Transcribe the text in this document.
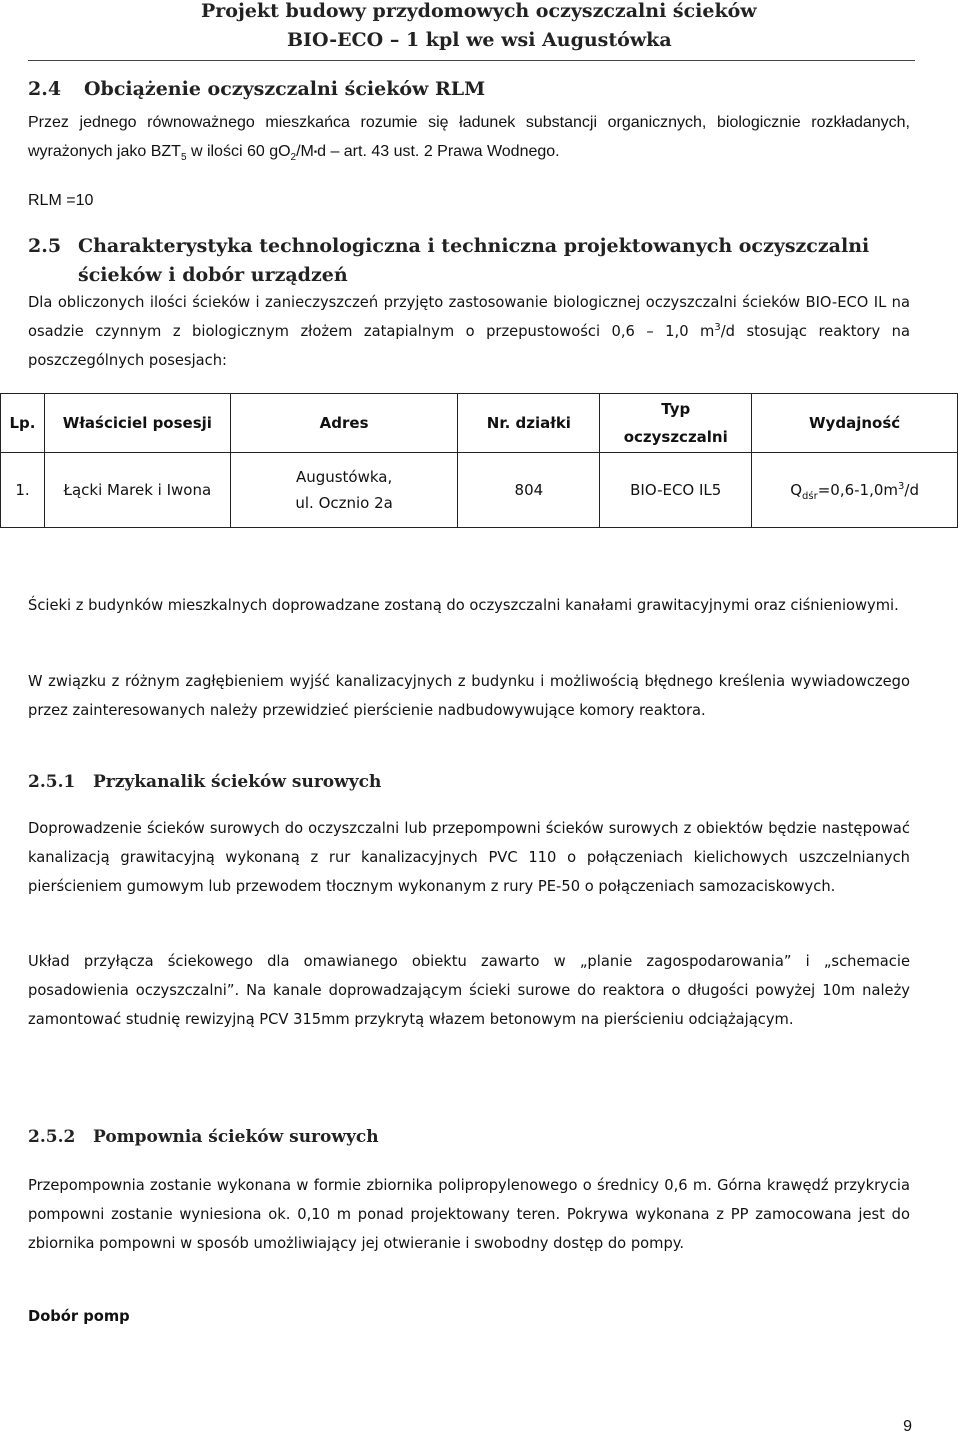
Projekt budowy przydomowych oczyszczalni ścieków
BIO-ECO – 1 kpl we wsi Augustówka
2.4 Obciążenie oczyszczalni ścieków RLM
Przez jednego równoważnego mieszkańca rozumie się ładunek substancji organicznych, biologicznie rozkładanych, wyrażonych jako $BZT_5$ w ilości 60 $gO_2/M▪d$ – art. 43 ust. 2 Prawa Wodnego.
RLM =10
2.5 Charakterystyka technologiczna i techniczna projektowanych oczyszczalni
ścieków i dobór urządzeń
Dla obliczonych ilości ścieków i zanieczyszczeń przyjęto zastosowanie biologicznej oczyszczalni ścieków BIO-ECO IL na osadzie czynnym z biologicznym złożem zatapialnym o przepustowości 0,6 – 1,0 $m^3/d$ stosując reaktory na poszczególnych posesjach:
Lp.	Właściciel posesji	Adres	Nr. działki	Typ
oczyszczalni	Wydajność
1.	Łącki Marek i Iwona	Augustówka,
ul. Ocznio 2a	804	BIO-ECO IL5	$Q_{dśr}=0,6-1,0m^3/d$
Ścieki z budynków mieszkalnych doprowadzane zostaną do oczyszczalni kanałami grawitacyjnymi oraz ciśnieniowymi.
W związku z różnym zagłębieniem wyjść kanalizacyjnych z budynku i możliwością błędnego kreślenia wywiadowczego przez zainteresowanych należy przewidzieć pierścienie nadbudowywujące komory reaktora.
2.5.1 Przykanalik ścieków surowych
Doprowadzenie ścieków surowych do oczyszczalni lub przepompowni ścieków surowych z obiektów będzie następować kanalizacją grawitacyjną wykonaną z rur kanalizacyjnych PVC 110 o połączeniach kielichowych uszczelnianych pierścieniem gumowym lub przewodem tłocznym wykonanym z rury PE-50 o połączeniach samozaciskowych.
Układ przyłącza ściekowego dla omawianego obiektu zawarto w „planie zagospodarowania” i „schemacie posadowienia oczyszczalni”. Na kanale doprowadzającym ścieki surowe do reaktora o długości powyżej 10m należy zamontować studnię rewizyjną PCV 315mm przykrytą włazem betonowym na pierścieniu odciążającym.
2.5.2 Pompownia ścieków surowych
Przepompownia zostanie wykonana w formie zbiornika polipropylenowego o średnicy 0,6 m. Górna krawędź przykrycia pompowni zostanie wyniesiona ok. 0,10 m ponad projektowany teren. Pokrywa wykonana z PP zamocowana jest do zbiornika pompowni w sposób umożliwiający jej otwieranie i swobodny dostęp do pompy.
Dobór pomp
9
